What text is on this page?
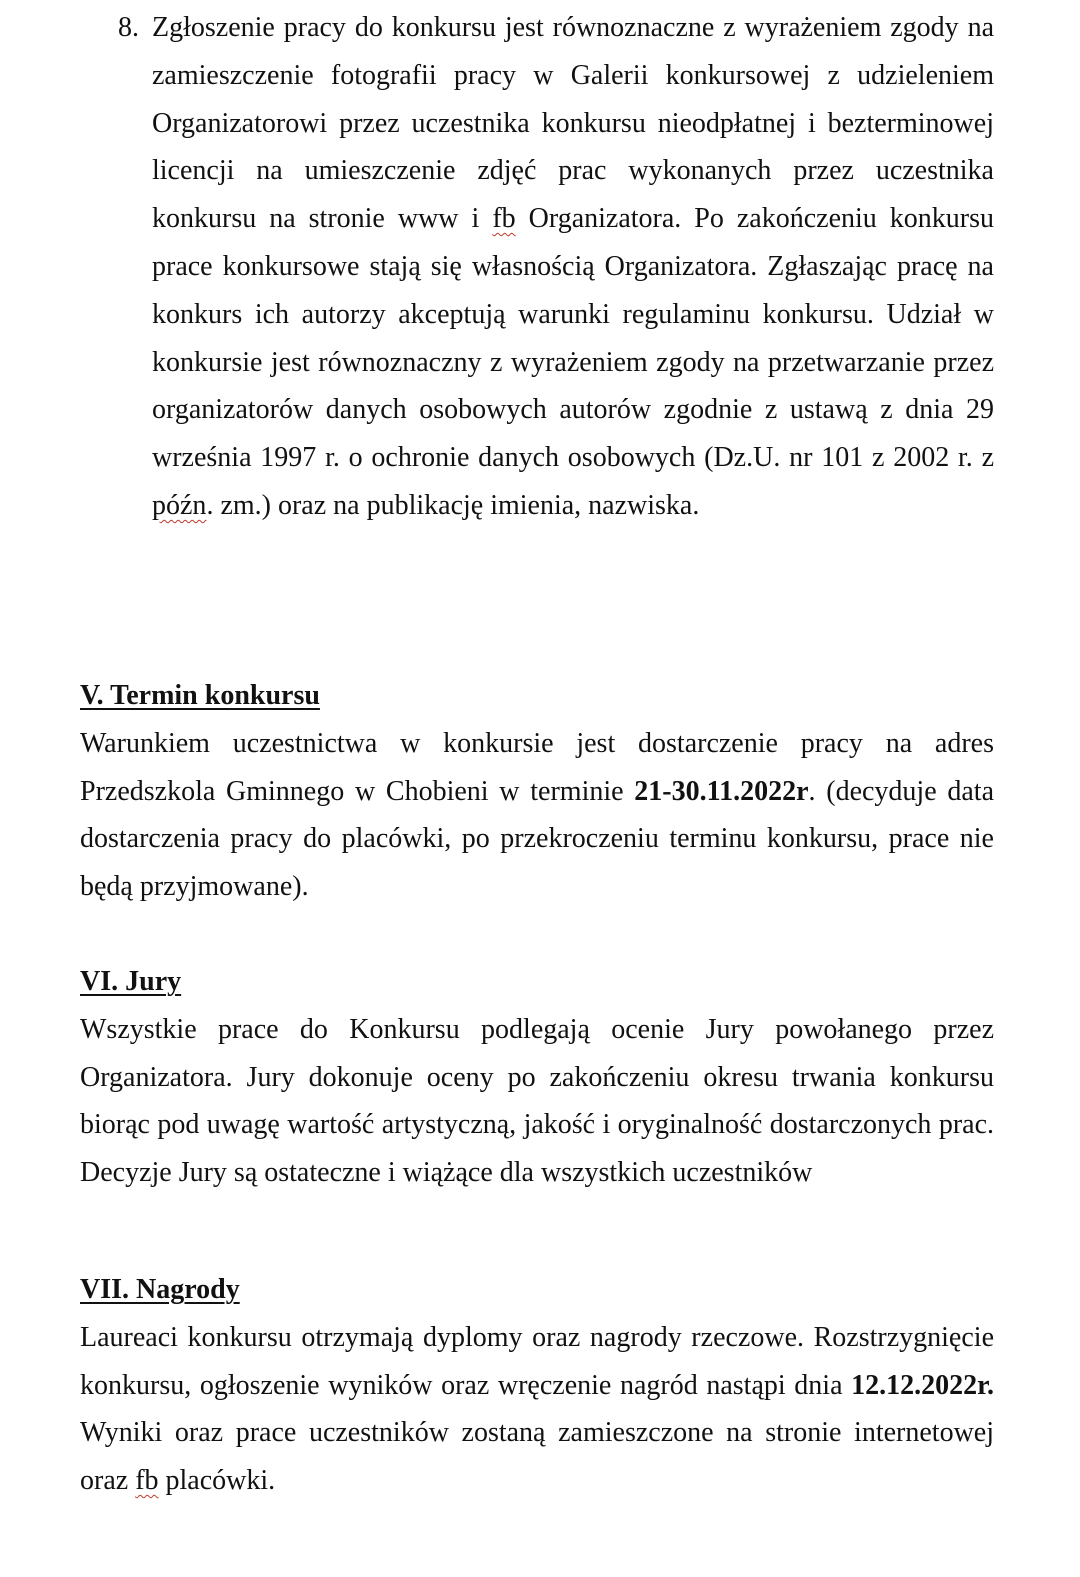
8. Zgłoszenie pracy do konkursu jest równoznaczne z wyrażeniem zgody na zamieszczenie fotografii pracy w Galerii konkursowej z udzieleniem Organizatorowi przez uczestnika konkursu nieodpłatnej i bezterminowej licencji na umieszczenie zdjęć prac wykonanych przez uczestnika konkursu na stronie www i fb Organizatora. Po zakończeniu konkursu prace konkursowe stają się własnością Organizatora. Zgłaszając pracę na konkurs ich autorzy akceptują warunki regulaminu konkursu. Udział w konkursie jest równoznaczny z wyrażeniem zgody na przetwarzanie przez organizatorów danych osobowych autorów zgodnie z ustawą z dnia 29 września 1997 r. o ochronie danych osobowych (Dz.U. nr 101 z 2002 r. z późn. zm.) oraz na publikację imienia, nazwiska.

V. Termin konkursu

Warunkiem uczestnictwa w konkursie jest dostarczenie pracy na adres Przedszkola Gminnego w Chobieni w terminie 21-30.11.2022r. (decyduje data dostarczenia pracy do placówki, po przekroczeniu terminu konkursu, prace nie będą przyjmowane).

VI. Jury

Wszystkie prace do Konkursu podlegają ocenie Jury powołanego przez Organizatora. Jury dokonuje oceny po zakończeniu okresu trwania konkursu biorąc pod uwagę wartość artystyczną, jakość i oryginalność dostarczonych prac. Decyzje Jury są ostateczne i wiążące dla wszystkich uczestników

VII. Nagrody

Laureaci konkursu otrzymają dyplomy oraz nagrody rzeczowe. Rozstrzygnięcie konkursu, ogłoszenie wyników oraz wręczenie nagród nastąpi dnia 12.12.2022r. Wyniki oraz prace uczestników zostaną zamieszczone na stronie internetowej oraz fb placówki.
